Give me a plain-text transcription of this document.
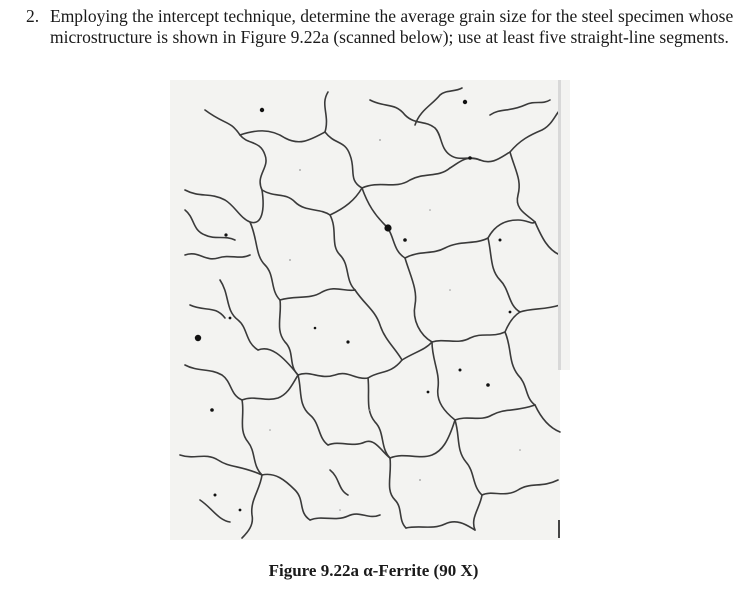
2. Employing the intercept technique, determine the average grain size for the steel specimen whose microstructure is shown in Figure 9.22a (scanned below); use at least five straight-line segments.
Figure 9.22a α-Ferrite (90 X)
